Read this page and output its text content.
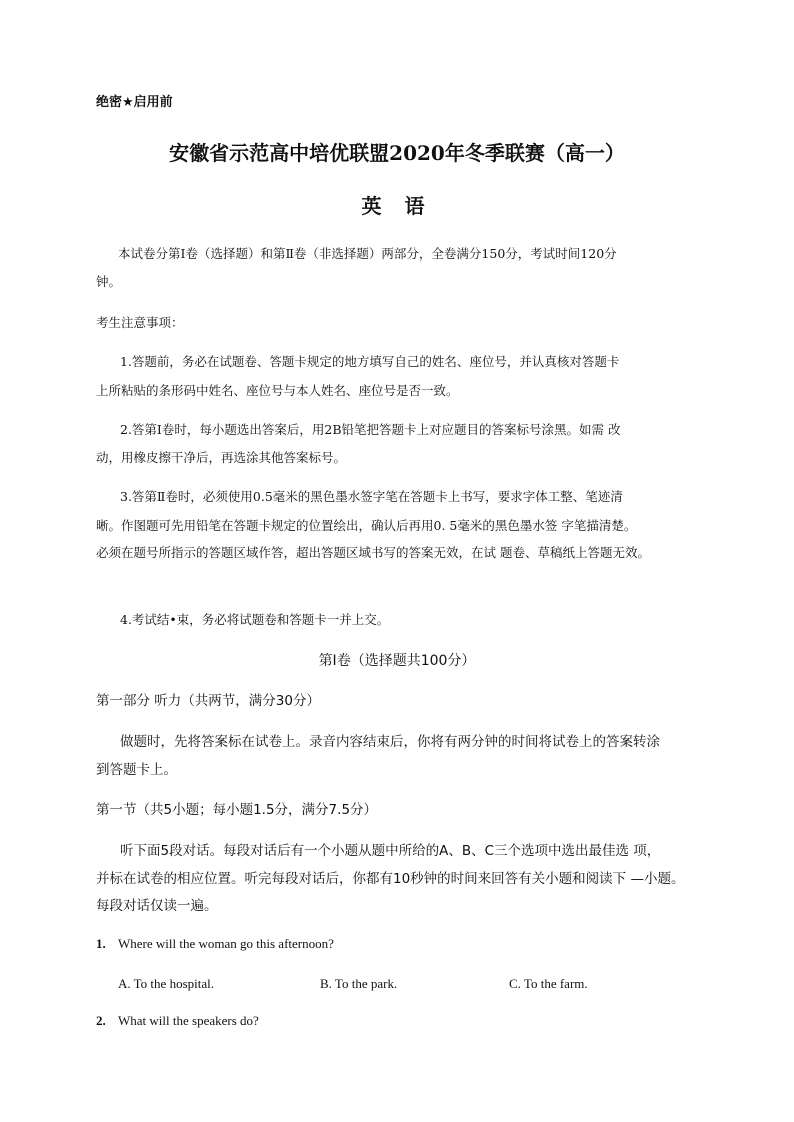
绝密★启用前
安徽省示范高中培优联盟2020年冬季联赛（高一）
英 语
本试卷分第Ⅰ卷（选择题）和第Ⅱ卷（非选择题）两部分，全卷满分150分，考试时间120分
钟。
考生注意事项：
1.答题前，务必在试题卷、答题卡规定的地方填写自己的姓名、座位号，并认真核对答题卡
上所粘贴的条形码中姓名、座位号与本人姓名、座位号是否一致。
2.答第Ⅰ卷时，每小题选出答案后，用2B铅笔把答题卡上对应题目的答案标号涂黑。如需 改
动，用橡皮擦干净后，再选涂其他答案标号。
3.答第Ⅱ卷时，必须使用0.5毫米的黑色墨水签字笔在答题卡上书写，要求字体工整、笔迹清
晰。作图题可先用铅笔在答题卡规定的位置绘出，确认后再用0. 5毫米的黑色墨水签 字笔描清楚。
必须在题号所指示的答题区域作答，超出答题区域书写的答案无效，在试 题卷、草稿纸上答题无效。
4.考试结•束，务必将试题卷和答题卡一并上交。
第Ⅰ卷（选择题共100分）
第一部分 听力（共两节，满分30分）
做题时，先将答案标在试卷上。录音内容结束后，你将有两分钟的时间将试卷上的答案转涂
到答题卡上。
第一节（共5小题；每小题1.5分，满分7.5分）
听下面5段对话。每段对话后有一个小题从题中所给的A、B、C三个选项中选出最佳选 项，
并标在试卷的相应位置。听完每段对话后，你都有10秒钟的时间来回答有关小题和阅读下 —小题。
每段对话仅读一遍。
1. Where will the woman go this afternoon?
A. To the hospital.	B. To the park.	C. To the farm.
2. What will the speakers do?
